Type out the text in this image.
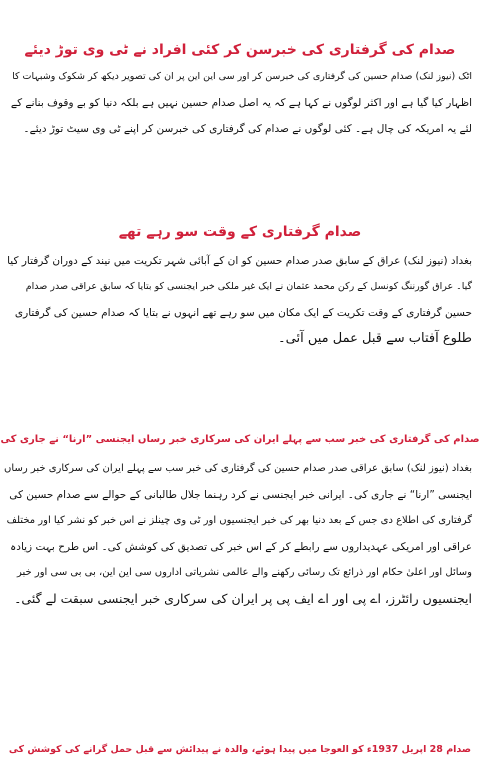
صدام کی گرفتاری کی خبرسن کر کئی افراد نے ٹی وی توڑ دیئے
اٹک (نیوز لنک) صدام حسین کی گرفتاری کی خبرسن کر اور سی این این پر ان کی تصویر دیکھ کر شکوک وشبہات کا
اظہار کیا گیا ہے اور اکثر لوگوں نے کہا ہے کہ یہ اصل صدام حسین نہیں ہے بلکہ دنیا کو بے وقوف بنانے کے
لئے یہ امریکہ کی چال ہے۔ کئی لوگوں نے صدام کی گرفتاری کی خبرسن کر اپنے ٹی وی سیٹ توڑ دیئے۔
صدام گرفتاری کے وقت سو رہے تھے
بغداد (نیوز لنک) عراق کے سابق صدر صدام حسین کو ان کے آبائی شہر تکریت میں نیند کے دوران گرفتار کیا
گیا۔ عراق گورننگ کونسل کے رکن محمد عثمان نے ایک غیر ملکی خبر ایجنسی کو بتایا کہ سابق عراقی صدر صدام
حسین گرفتاری کے وقت تکریت کے ایک مکان میں سو رہے تھے انہوں نے بتایا کہ صدام حسین کی گرفتاری
طلوع آفتاب سے قبل عمل میں آئی۔
صدام کی گرفتاری کی خبر سب سے پہلے ایران کی سرکاری خبر رساں ایجنسی ”ارنا“ نے جاری کی
بغداد (نیوز لنک) سابق عراقی صدر صدام حسین کی گرفتاری کی خبر سب سے پہلے ایران کی سرکاری خبر رساں
ایجنسی ”ارنا“ نے جاری کی۔ ایرانی خبر ایجنسی نے کرد رہنما جلال طالبانی کے حوالے سے صدام حسین کی
گرفتاری کی اطلاع دی جس کے بعد دنیا بھر کی خبر ایجنسیوں اور ٹی وی چینلز نے اس خبر کو نشر کیا اور مختلف
عراقی اور امریکی عہدیداروں سے رابطے کر کے اس خبر کی تصدیق کی کوشش کی۔ اس طرح بہت زیادہ
وسائل اور اعلیٰ حکام اور ذرائع تک رسائی رکھنے والے عالمی نشریاتی اداروں سی این این، بی بی سی اور خبر
ایجنسیوں رائٹرز، اے پی اور اے ایف پی پر ایران کی سرکاری خبر ایجنسی سبقت لے گئی۔
صدام 28 اپریل 1937ء کو العوجا میں پیدا ہوئے، والدہ نے پیدائش سے قبل حمل گرانے کی کوشش کی
